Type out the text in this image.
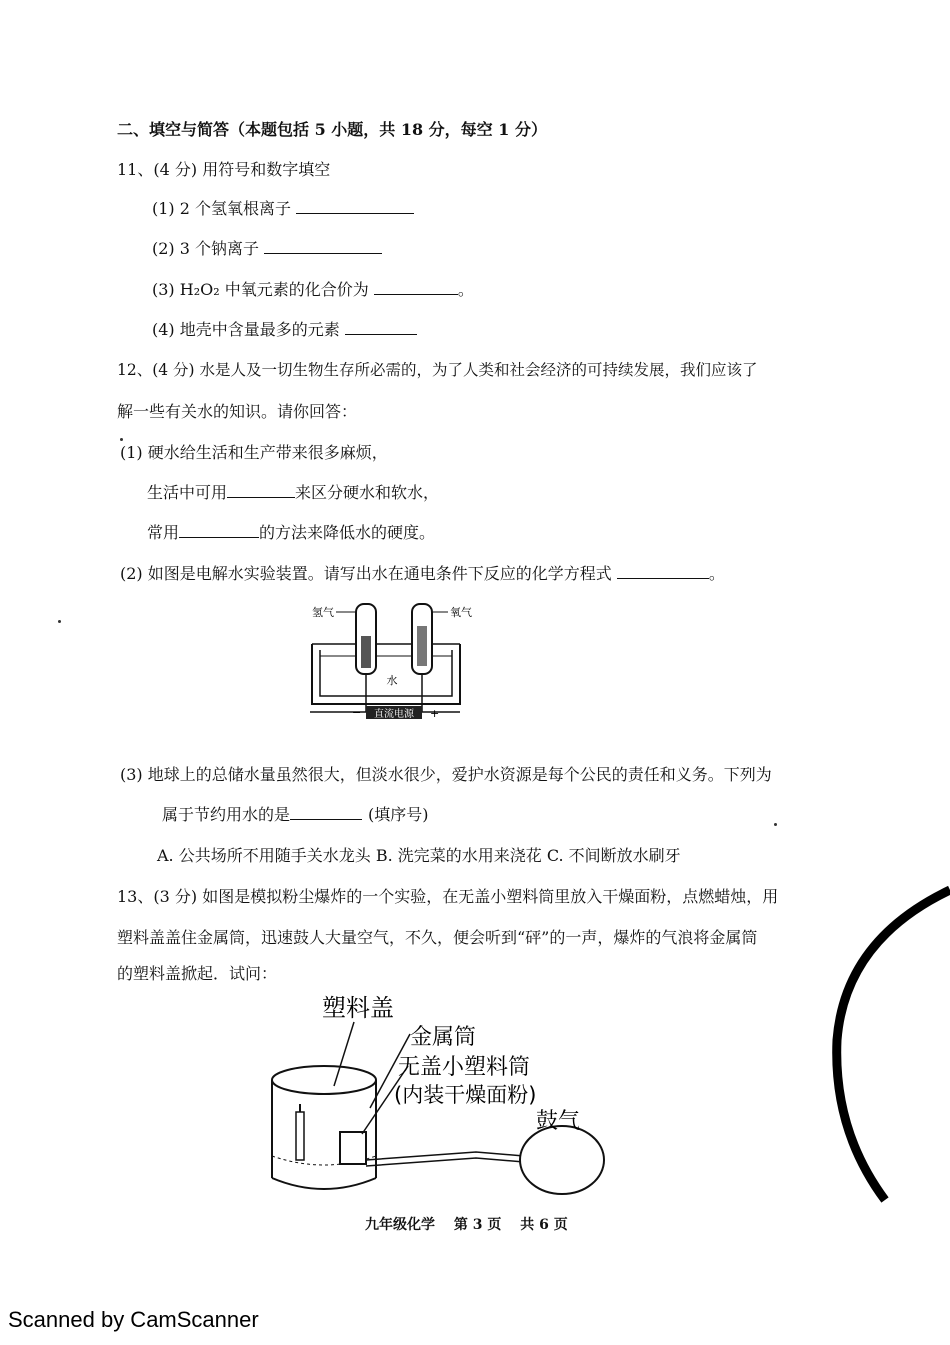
二、填空与简答（本题包括 5 小题，共 18 分，每空 1 分）
11、(4 分) 用符号和数字填空
(1) 2 个氢氧根离子
(2) 3 个钠离子
(3) H₂O₂ 中氧元素的化合价为	。
(4) 地壳中含量最多的元素
12、(4 分) 水是人及一切生物生存所必需的，为了人类和社会经济的可持续发展，我们应该了
解一些有关水的知识。请你回答：
(1) 硬水给生活和生产带来很多麻烦，
生活中可用	来区分硬水和软水，
常用	的方法来降低水的硬度。
(2) 如图是电解水实验装置。请写出水在通电条件下反应的化学方程式	。
直流电源
−	+
氢气	氧气
水
(3) 地球上的总储水量虽然很大，但淡水很少，爱护水资源是每个公民的责任和义务。下列为
属于节约用水的是	(填序号)
A. 公共场所不用随手关水龙头 B. 洗完菜的水用来浇花 C. 不间断放水刷牙
13、(3 分) 如图是模拟粉尘爆炸的一个实验，在无盖小塑料筒里放入干燥面粉，点燃蜡烛，用
塑料盖盖住金属筒，迅速鼓人大量空气，不久，便会听到“砰”的一声，爆炸的气浪将金属筒
的塑料盖掀起．试问：
塑料盖
金属筒
无盖小塑料筒
(内装干燥面粉)
鼓气
九年级化学 第 3 页 共 6 页
Scanned by CamScanner
